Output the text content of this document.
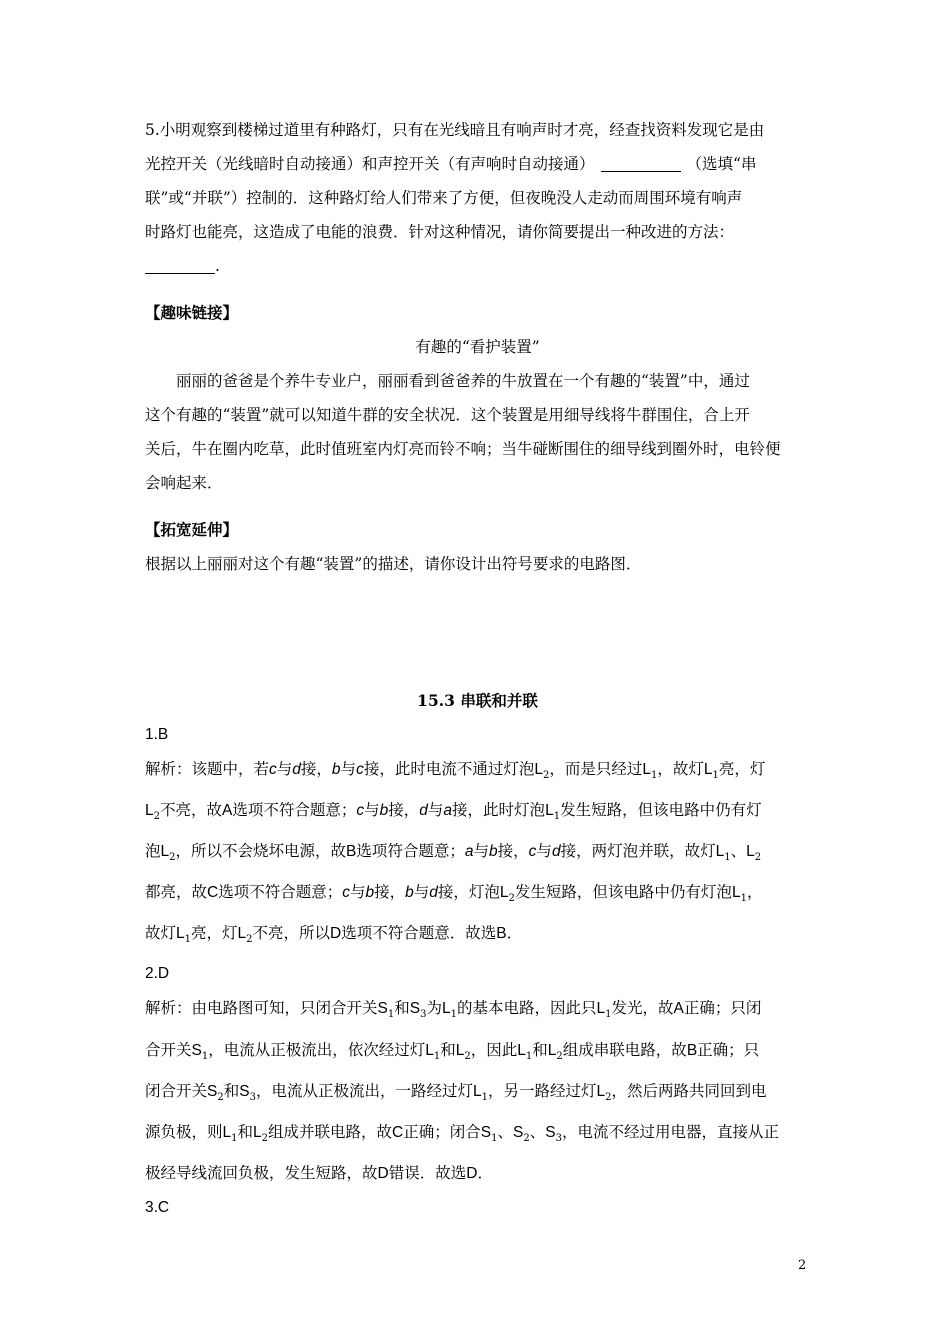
5.小明观察到楼梯过道里有种路灯，只有在光线暗且有响声时才亮，经查找资料发现它是由
光控开关（光线暗时自动接通）和声控开关（有声响时自动接通）	（选填“串
联”或“并联”）控制的．这种路灯给人们带来了方便，但夜晚没人走动而周围环境有响声
时路灯也能亮，这造成了电能的浪费．针对这种情况，请你简要提出一种改进的方法：
.
【趣味链接】
有趣的“看护装置”
丽丽的爸爸是个养牛专业户，丽丽看到爸爸养的牛放置在一个有趣的“装置”中，通过
这个有趣的“装置”就可以知道牛群的安全状况．这个装置是用细导线将牛群围住，合上开
关后，牛在圈内吃草，此时值班室内灯亮而铃不响；当牛碰断围住的细导线到圈外时，电铃便
会响起来．
【拓宽延伸】
根据以上丽丽对这个有趣“装置”的描述，请你设计出符号要求的电路图．
15.3 串联和并联
1.B
解析：该题中，若c与d接，b与c接，此时电流不通过灯泡$L_2$，而是只经过$L_1$，故灯$L_1$亮，灯
$L_2$不亮，故A选项不符合题意；c与b接，d与a接，此时灯泡$L_1$发生短路，但该电路中仍有灯
泡$L_2$，所以不会烧坏电源，故B选项符合题意；a与b接，c与d接，两灯泡并联，故灯$L_1$、$L_2$
都亮，故C选项不符合题意；c与b接，b与d接，灯泡$L_2$发生短路，但该电路中仍有灯泡$L_1$，
故灯$L_1$亮，灯$L_2$不亮，所以D选项不符合题意．故选B．
2.D
解析：由电路图可知，只闭合开关$S_1$和$S_3$为$L_1$的基本电路，因此只$L_1$发光，故A正确；只闭
合开关$S_1$，电流从正极流出，依次经过灯$L_1$和$L_2$，因此$L_1$和$L_2$组成串联电路，故B正确；只
闭合开关$S_2$和$S_3$，电流从正极流出，一路经过灯$L_1$，另一路经过灯$L_2$，然后两路共同回到电
源负极，则$L_1$和$L_2$组成并联电路，故C正确；闭合$S_1$、$S_2$、$S_3$，电流不经过用电器，直接从正
极经导线流回负极，发生短路，故D错误．故选D．
3.C
2
